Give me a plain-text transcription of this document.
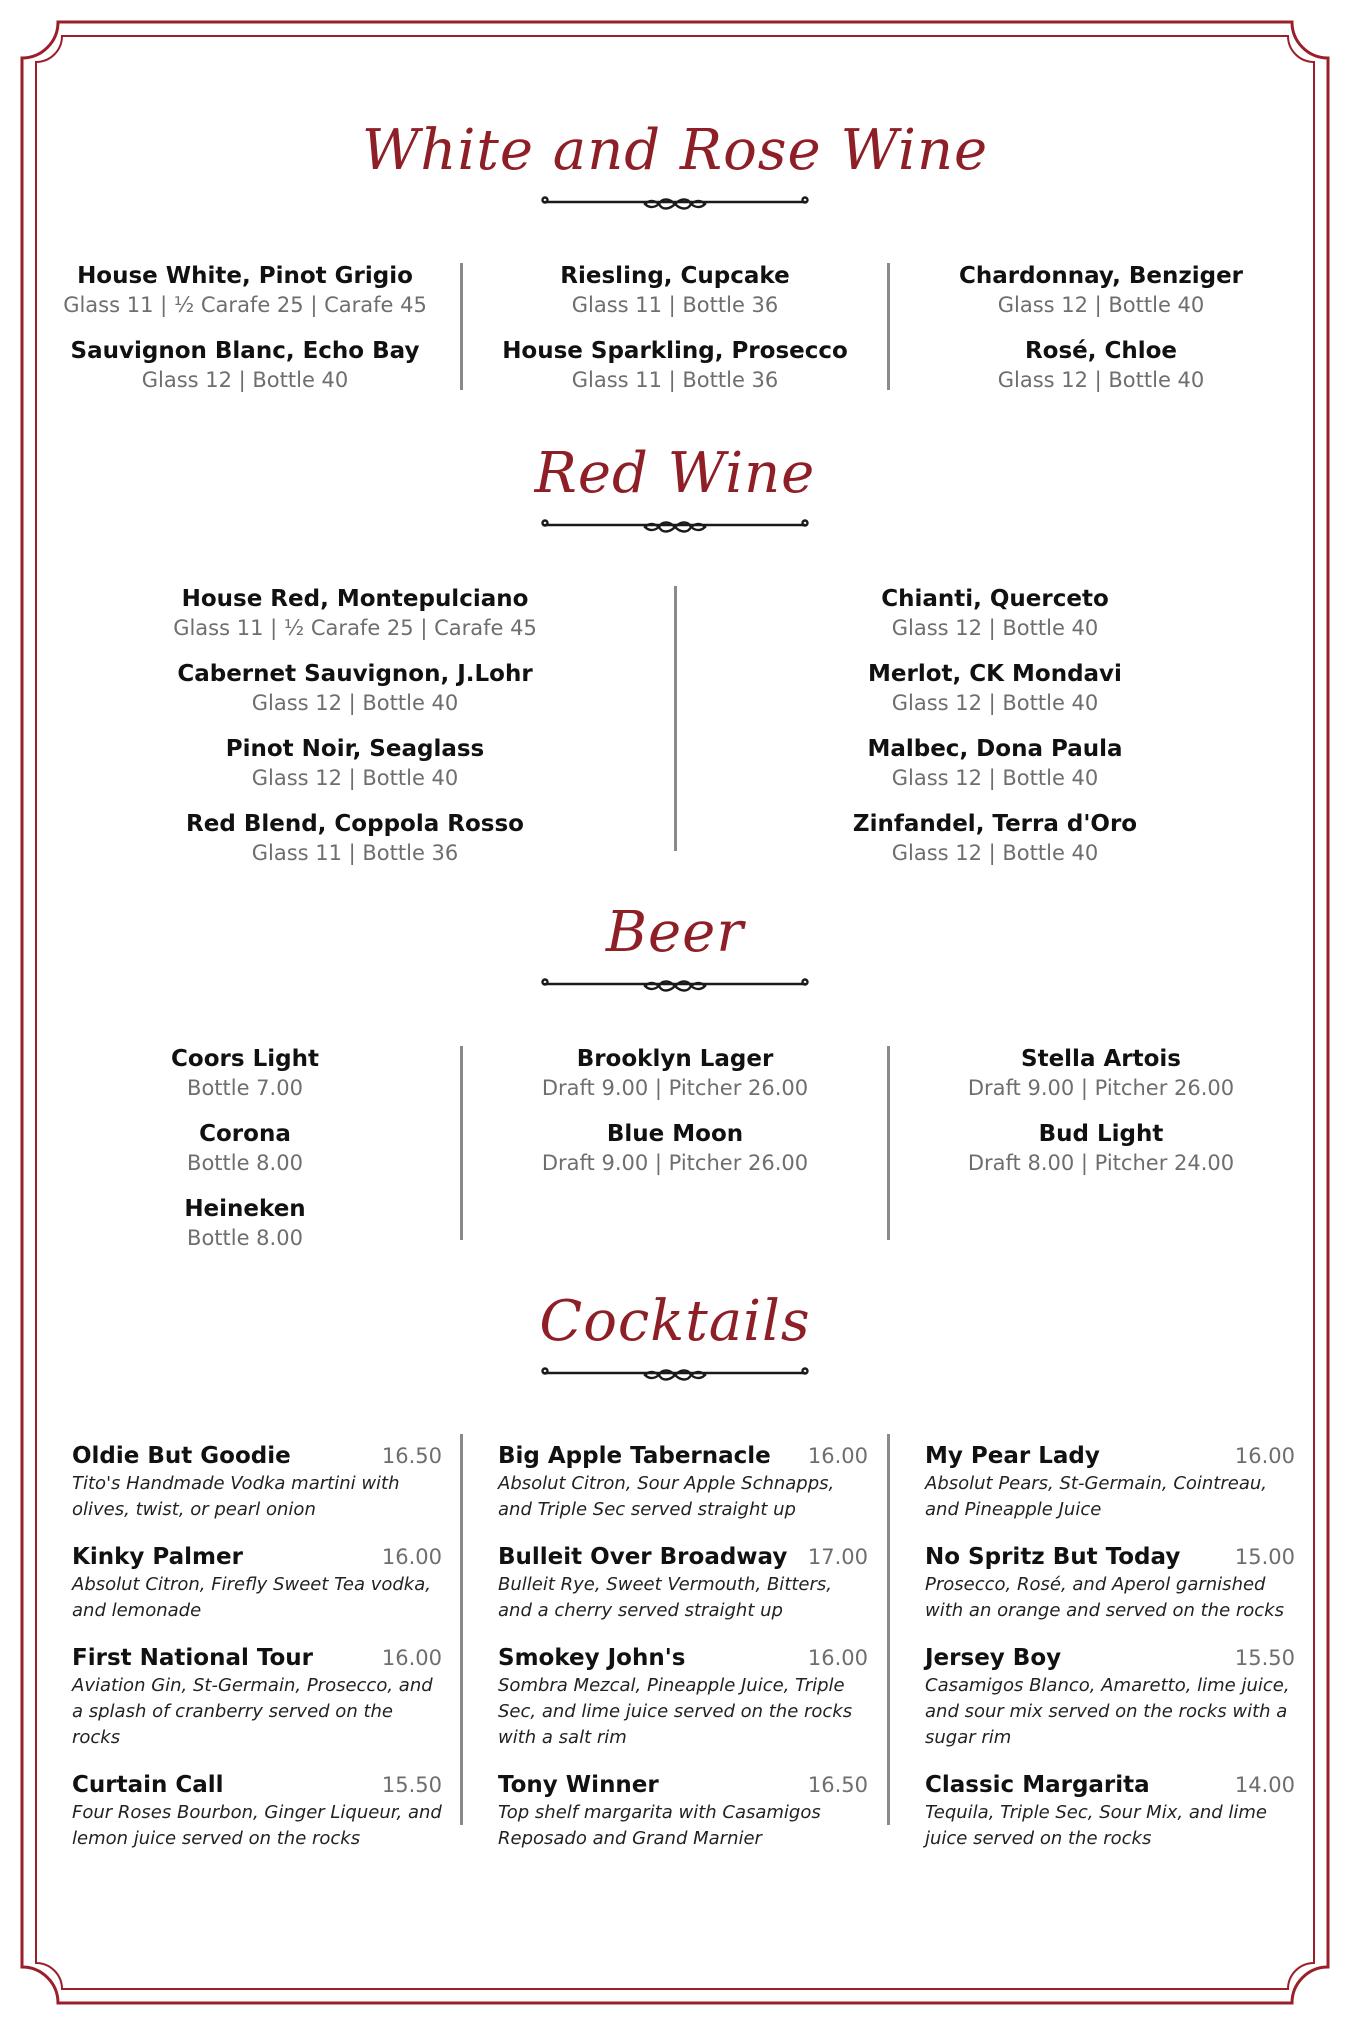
White and Rose Wine
House White, Pinot Grigio
Glass 11 | ½ Carafe 25 | Carafe 45
Sauvignon Blanc, Echo Bay
Glass 12 | Bottle 40
Riesling, Cupcake
Glass 11 | Bottle 36
House Sparkling, Prosecco
Glass 11 | Bottle 36
Chardonnay, Benziger
Glass 12 | Bottle 40
Rosé, Chloe
Glass 12 | Bottle 40
Red Wine
House Red, Montepulciano
Glass 11 | ½ Carafe 25 | Carafe 45
Cabernet Sauvignon, J.Lohr
Glass 12 | Bottle 40
Pinot Noir, Seaglass
Glass 12 | Bottle 40
Red Blend, Coppola Rosso
Glass 11 | Bottle 36
Chianti, Querceto
Glass 12 | Bottle 40
Merlot, CK Mondavi
Glass 12 | Bottle 40
Malbec, Dona Paula
Glass 12 | Bottle 40
Zinfandel, Terra d'Oro
Glass 12 | Bottle 40
Beer
Coors Light
Bottle 7.00
Corona
Bottle 8.00
Heineken
Bottle 8.00
Brooklyn Lager
Draft 9.00 | Pitcher 26.00
Blue Moon
Draft 9.00 | Pitcher 26.00
Stella Artois
Draft 9.00 | Pitcher 26.00
Bud Light
Draft 8.00 | Pitcher 24.00
Cocktails
Oldie But Goodie	16.50
Tito's Handmade Vodka martini with olives, twist, or pearl onion
Kinky Palmer	16.00
Absolut Citron, Firefly Sweet Tea vodka, and lemonade
First National Tour	16.00
Aviation Gin, St-Germain, Prosecco, and a splash of cranberry served on the rocks
Curtain Call	15.50
Four Roses Bourbon, Ginger Liqueur, and lemon juice served on the rocks
Big Apple Tabernacle 16.00
Absolut Citron, Sour Apple Schnapps, and Triple Sec served straight up
Bulleit Over Broadway 17.00
Bulleit Rye, Sweet Vermouth, Bitters, and a cherry served straight up
Smokey John's	16.00
Sombra Mezcal, Pineapple Juice, Triple Sec, and lime juice served on the rocks with a salt rim
Tony Winner	16.50
Top shelf margarita with Casamigos Reposado and Grand Marnier
My Pear Lady	16.00
Absolut Pears, St-Germain, Cointreau, and Pineapple Juice
No Spritz But Today	15.00
Prosecco, Rosé, and Aperol garnished with an orange and served on the rocks
Jersey Boy	15.50
Casamigos Blanco, Amaretto, lime juice, and sour mix served on the rocks with a sugar rim
Classic Margarita	14.00
Tequila, Triple Sec, Sour Mix, and lime juice served on the rocks
